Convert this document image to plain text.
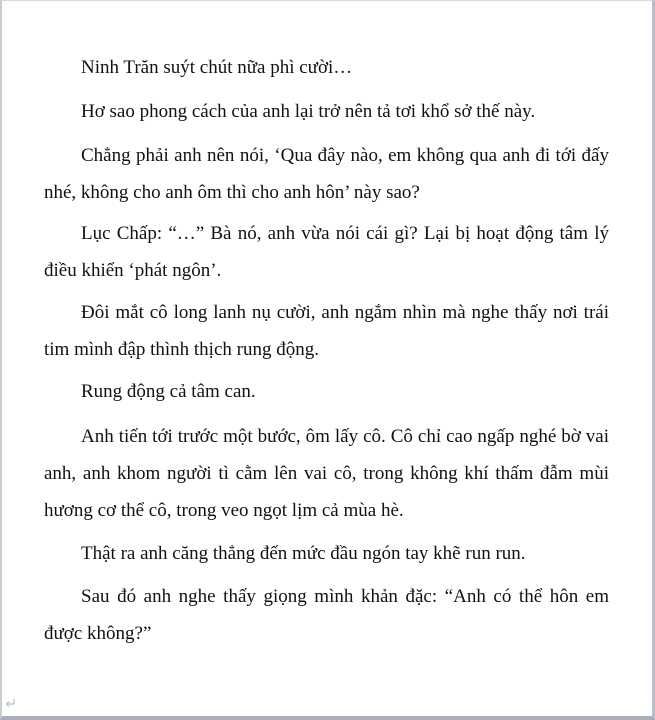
Ninh Trăn suýt chút nữa phì cười…

Hơ sao phong cách của anh lại trở nên tả tơi khổ sở thế này.

Chẳng phải anh nên nói, ‘Qua đây nào, em không qua anh đi tới đấy nhé, không cho anh ôm thì cho anh hôn’ này sao?

Lục Chấp: “…” Bà nó, anh vừa nói cái gì? Lại bị hoạt động tâm lý điều khiển ‘phát ngôn’.

Đôi mắt cô long lanh nụ cười, anh ngắm nhìn mà nghe thấy nơi trái tim mình đập thình thịch rung động.

Rung động cả tâm can.

Anh tiến tới trước một bước, ôm lấy cô. Cô chỉ cao ngấp nghé bờ vai anh, anh khom người tì cằm lên vai cô, trong không khí thấm đẫm mùi hương cơ thể cô, trong veo ngọt lịm cả mùa hè.

Thật ra anh căng thẳng đến mức đầu ngón tay khẽ run run.

Sau đó anh nghe thấy giọng mình khản đặc: “Anh có thể hôn em được không?”
